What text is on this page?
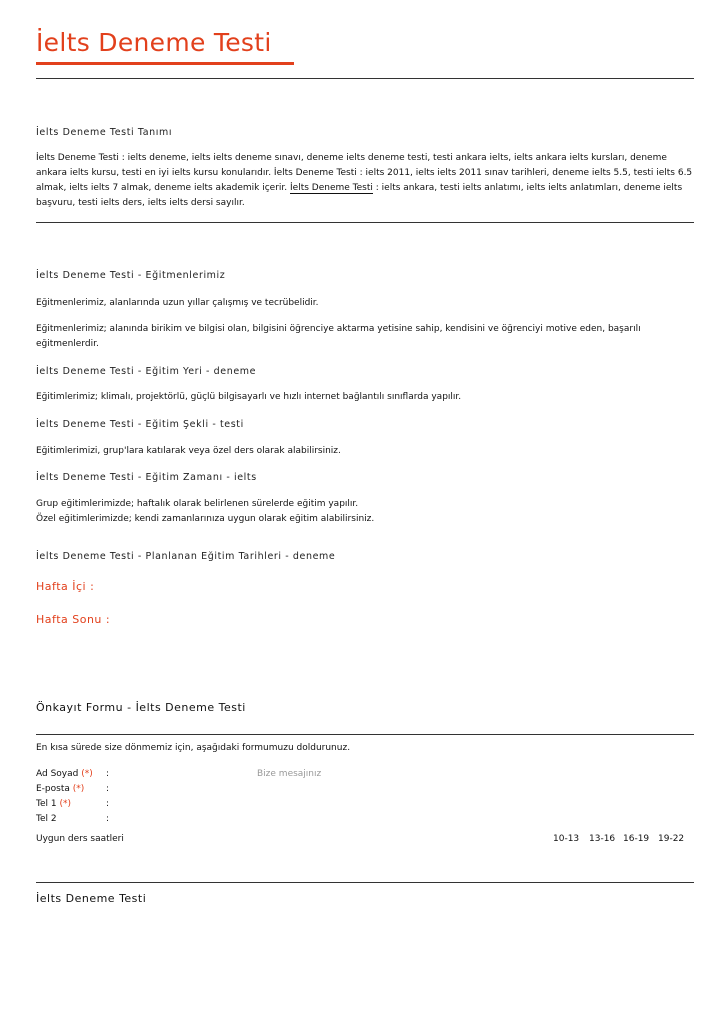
İelts Deneme Testi
İelts Deneme Testi Tanımı
İelts Deneme Testi : ielts deneme, ielts ielts deneme sınavı, deneme ielts deneme testi, testi ankara ielts, ielts ankara ielts kursları, deneme ankara ielts kursu, testi en iyi ielts kursu konularıdır. İelts Deneme Testi : ielts 2011, ielts ielts 2011 sınav tarihleri, deneme ielts 5.5, testi ielts 6.5 almak, ielts ielts 7 almak, deneme ielts akademik içerir. İelts Deneme Testi : ielts ankara, testi ielts anlatımı, ielts ielts anlatımları, deneme ielts başvuru, testi ielts ders, ielts ielts dersi sayılır.
İelts Deneme Testi - Eğitmenlerimiz
Eğitmenlerimiz, alanlarında uzun yıllar çalışmış ve tecrübelidir.
Eğitmenlerimiz; alanında birikim ve bilgisi olan, bilgisini öğrenciye aktarma yetisine sahip, kendisini ve öğrenciyi motive eden, başarılı eğitmenlerdir.
İelts Deneme Testi - Eğitim Yeri - deneme
Eğitimlerimiz; klimalı, projektörlü, güçlü bilgisayarlı ve hızlı internet bağlantılı sınıflarda yapılır.
İelts Deneme Testi - Eğitim Şekli - testi
Eğitimlerimizi, grup'lara katılarak veya özel ders olarak alabilirsiniz.
İelts Deneme Testi - Eğitim Zamanı - ielts
Grup eğitimlerimizde; haftalık olarak belirlenen sürelerde eğitim yapılır.
Özel eğitimlerimizde; kendi zamanlarınıza uygun olarak eğitim alabilirsiniz.
İelts Deneme Testi - Planlanan Eğitim Tarihleri - deneme
Hafta İçi :
Hafta Sonu :
Önkayıt Formu - İelts Deneme Testi
En kısa sürede size dönmemiz için, aşağıdaki formumuzu doldurunuz.
Ad Soyad (*) :
E-posta (*) :
Tel 1 (*)	:
Tel 2	:
Bize mesajınız
Uygun ders saatleri	10-13 13-16 16-19 19-22
İelts Deneme Testi
